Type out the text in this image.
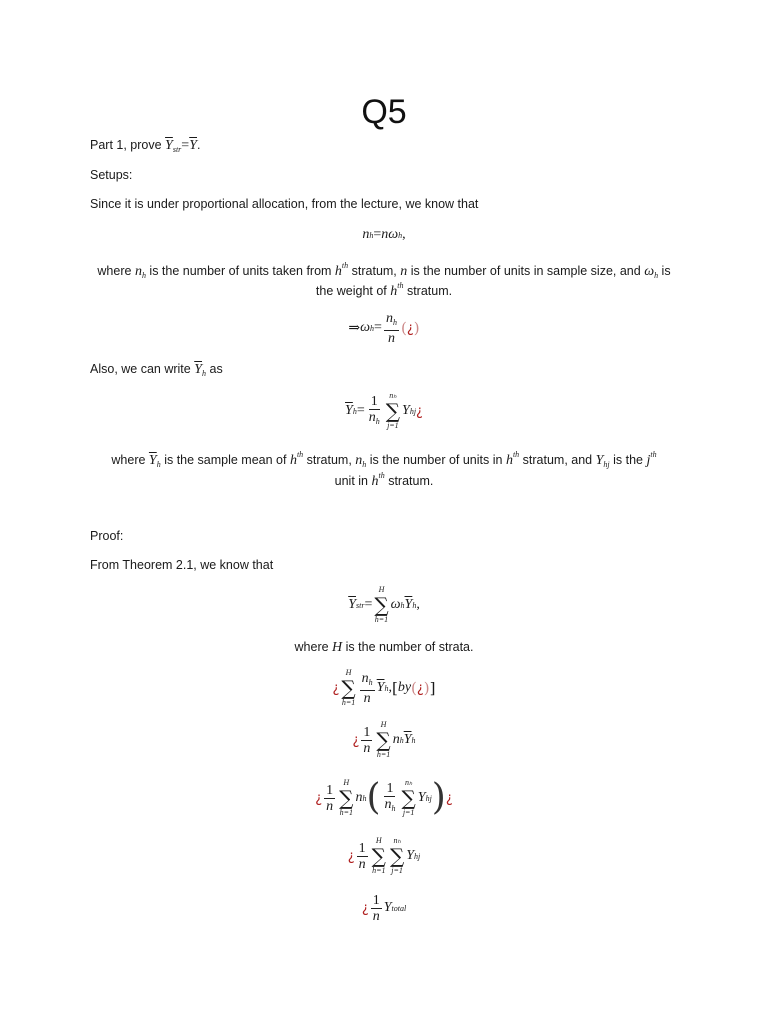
Q5
Part 1, prove $\overline{Y}_{str}=\overline{Y}$.
Setups:
Since it is under proportional allocation, from the lecture, we know that
n h = n ω h ,
where $n_h$ is the number of units taken from $h^{th}$ stratum, n is the number of units in sample size, and $\omega_h$ is
the weight of $h^{th}$ stratum.
⇒ ω $h = \frac{n_h}{n}$ ( ¿ )
Also, we can write $\overline{Y}_h$ as
$\overline{Y}$ $h = \frac{1}{n_h}$ nₕ
∑
j=1
Y hj ¿
where $\overline{Y}_h$ is the sample mean of $h^{th}$ stratum, $n_h$ is the number of units in $h^{th}$ stratum, and $Y_{hj}$ is the $j^{th}$
unit in $h^{th}$ stratum.
Proof:
From Theorem 2.1, we know that
$\overline{Y}$ str =
H
∑
h=1
ω h $\overline{Y}$ h ,
where H is the number of strata.
¿
H
∑
$h=1 \frac{n_h}{n} \overline{Y}$ h , [ by ( ¿ ) ]
¿ $\frac{1}{n}$ H
∑
h=1
n h $\overline{Y}$ h
¿ $\frac{1}{n}$ H
∑
h=1
n h ( $\frac{1}{n_h}$ nₕ
∑
j=1
Y hj ) ¿
¿ $\frac{1}{n}$ H
∑
h=1
nₕ
∑
j=1
Y hj
¿ $\frac{1}{n}$ Y total
